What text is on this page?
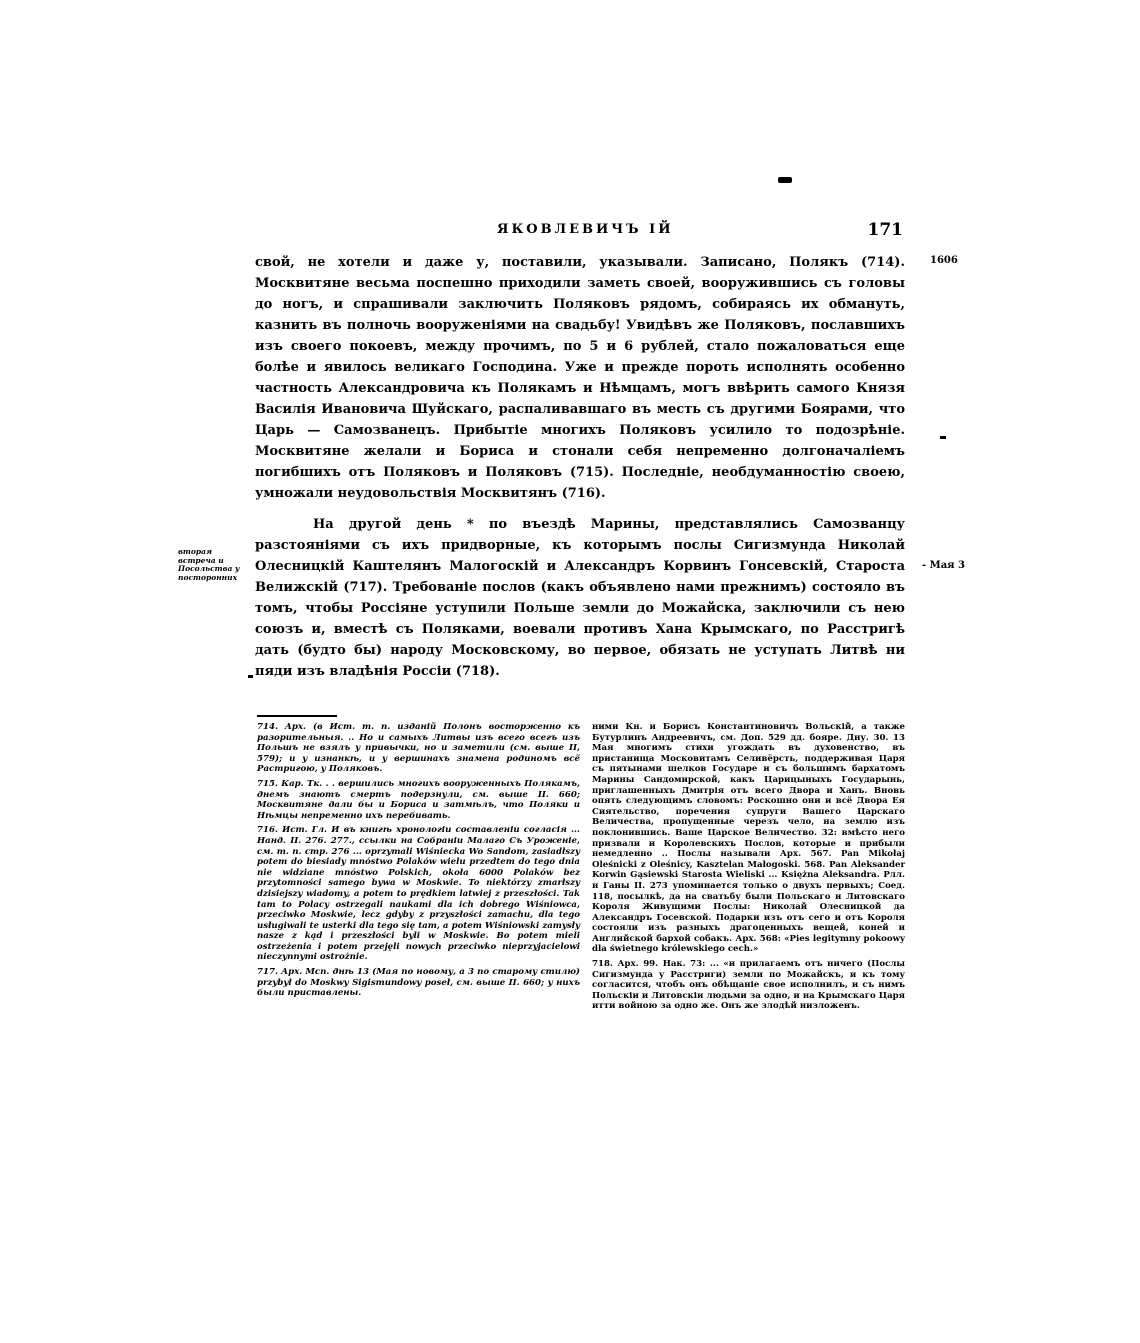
ЯКОВЛЕВИЧЪ ІЙ	171
1606
- Мая 3
вторая встреча и Посольства у посторонних

свой, не хотели и даже у, поставили, указывали. Записано, Полякъ (714). Москвитяне весьма поспешно приходили заметь своей, вооружившись съ головы до ногъ, и спрашивали заключить Поляковъ рядомъ, собираясь их обмануть, казнить въ полночь вооруженіями на свадьбу! Увидѣвъ же Поляковъ, пославшихъ изъ своего покоевъ, между прочимъ, по 5 и 6 рублей, стало пожаловаться еще болѣе и явилось великаго Господина. Уже и прежде пороть исполнять особенно частность Александровича къ Полякамъ и Нѣмцамъ, могъ ввѣрить самого Князя Василія Ивановича Шуйскаго, распаливавшаго въ месть съ другими Боярами, что Царь — Самозванецъ. Прибытіе многихъ Поляковъ усилило то подозрѣніе. Москвитяне желали и Бориса и стонали себя непременно долгоначаліемъ погибшихъ отъ Поляковъ и Поляковъ (715). Последніе, необдуманностію своею, умножали неудовольствія Москвитянъ (716).

На другой день * по въездѣ Марины, представлялись Самозванцу разстояніями съ ихъ придворные, къ которымъ послы Сигизмунда Николай Олесницкій Каштелянъ Малогоскій и Александръ Корвинъ Гонсевскій, Староста Велижскій (717). Требованіе послов (какъ объявлено нами прежнимъ) состояло въ томъ, чтобы Россіяне уступили Польше земли до Можайска, заключили съ нею союзъ и, вместѣ съ Поляками, воевали противъ Хана Крымскаго, по Расстригѣ дать (будто бы) народу Московскому, во первое, обязать не уступать Литвѣ ни пяди изъ владѣнія Россіи (718).

714. Арх. (в Ист. т. п. изданій Полонъ восторженно къ разорительныя. .. Но и самыхъ Литвы изъ всего всегъ изъ Польшъ не взялъ у привычки, но и заметили (см. выше II, 579); и у изнанкѣ, и у вершинахъ знамена родиномъ всё Растригою, у Поляковъ.

715. Кар. Тк. . . вершились многихъ вооруженныхъ Полякамъ, днемъ знаютъ смертъ подерзнули, см. выше II. 660; Москвитяне дали бы и Бориса и затмѣлъ, что Поляки и Нѣмцы непременно ихъ перебивать.

716. Ист. Гл. И въ книгѣ хронологіи составленіи согласія ... Нанд. II. 276. 277., ссылки на Собраніи Малаго Съ Уроженіе, см. т. п. стр. 276 ... oprzymali Wiśniecka Wo Sandom, zasiadłszy potem do biesiady mnóstwo Polaków wielu przedtem do tego dnia nie widziane mnóstwo Polskich, okoła 6000 Polaków bez przytomności samego bywa w Moskwie. To niektórzy zmarłszy dzisiejszy wiadomy, a potem to prędkiem latwiej z przeszłości. Tak tam to Polacy ostrzegali naukami dla ich dobrego Wiśniowca, przeciwko Moskwie, lecz gdyby z przyszłości zamachu, dla tego usługiwali te usterki dla tego się tam, a potem Wiśniowski zamysły nasze z kąd i przeszłości byli w Moskwie. Bo potem mieli ostrzeżenia i potem przejęli nowych przeciwko nieprzyjacielowi nieczynnymi ostrożnie.

717. Арх. Мсп. днѣ 13 (Мая по новому, а 3 по старому стилю) przybył do Moskwy Sigismundowy poseł, см. выше II. 660; у нихъ были приставлены.

ними Кн. и Борисъ Константиновичъ Вольскій, а также Бутурлинъ Андреевичъ, см. Доп. 529 дд. бояре. Дну. 30. 13 Мая многимъ стихи угождать въ духовенство, въ пристанища Московитамъ Селивёрсть, поддерживая Царя съ пятынами шелков Государе и съ большимъ бархатомъ Марины Сандомирской, какъ Царицыныхъ Государынь, приглашенныхъ Дмитрія отъ всего Двора и Ханъ. Вновь опять следующимъ словомъ: Роскошно они и всё Двора Ея Сиятельство, поречения супруги Вашего Царскаго Величества, пропущенные черезъ чело, на землю изъ поклонившись. Ваше Царское Величество. 32: вмѣсто него призвали и Королевскихъ Послов, которые и прибыли немедленно .. Послы называли Арх. 567. Pan Mikołaj Oleśnicki z Oleśnicy, Kasztelan Małogoski. 568. Pan Aleksander Korwin Gąsiewski Starosta Wieliski ... Księżna Aleksandra. Рлл. и Ганы II. 273 упоминается только о двухъ первыхъ; Соед. 118, посылкѣ, да на сватьбу были Польскаго и Литовскаго Короля Живущими Послы: Николай Олесницкой да Александръ Госевской. Подарки изъ отъ сего и отъ Короля состояли изъ разныхъ драгоценныхъ вещей, коней и Английской бархой собакъ. Арх. 568: «Pies legitymny pokoowy dla świetnego królewskiego cech.»

718. Арх. 99. Нак. 73: ... «и прилагаемъ отъ ничего (Послы Сигизмунда у Расстриги) земли по Можайскъ, и къ тому согласится, чтобъ онъ обѣщаніе свое исполнилъ, и съ нимъ Польскіи и Литовскіи людьми за одно, и на Крымскаго Царя итти войною за одно же. Онъ же злодѣй низложенъ.
